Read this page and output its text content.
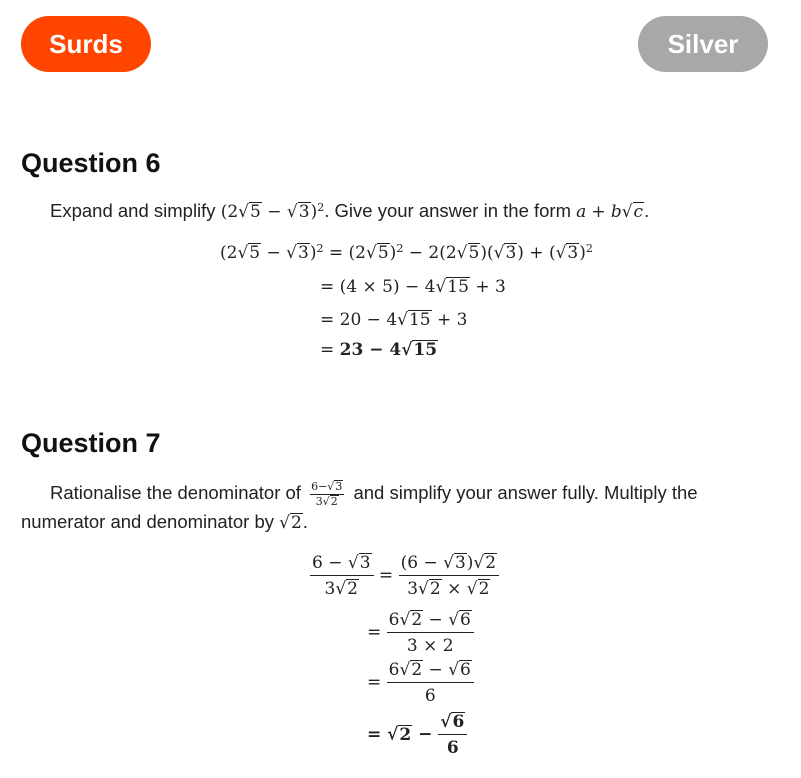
Surds	Silver
Question 6
Expand and simplify $(2√5 - √3)^2$. Give your answer in the form a + b√c.
$(2√5 - √3)^2 = (2√5)^2 - 2(2√5)(√3) + (√3)^2$
= (4 × 5) − 4√15 + 3
= 20 − 4√15 + 3
= 23 − 4√15
Question 7
Rationalise the denominator of $\frac{6-√3}{3√2}$ and simplify your answer fully. Multiply the
numerator and denominator by √2.
$\frac{6 - √3}{3√2} = \frac{(6 - √3)√2}{3√2 \times √2}$
= $\frac{6√2 - √6}{3 \times 2}$
= $\frac{6√2 - √6}{6}$
= $√2 - \frac{√6}{6}$
